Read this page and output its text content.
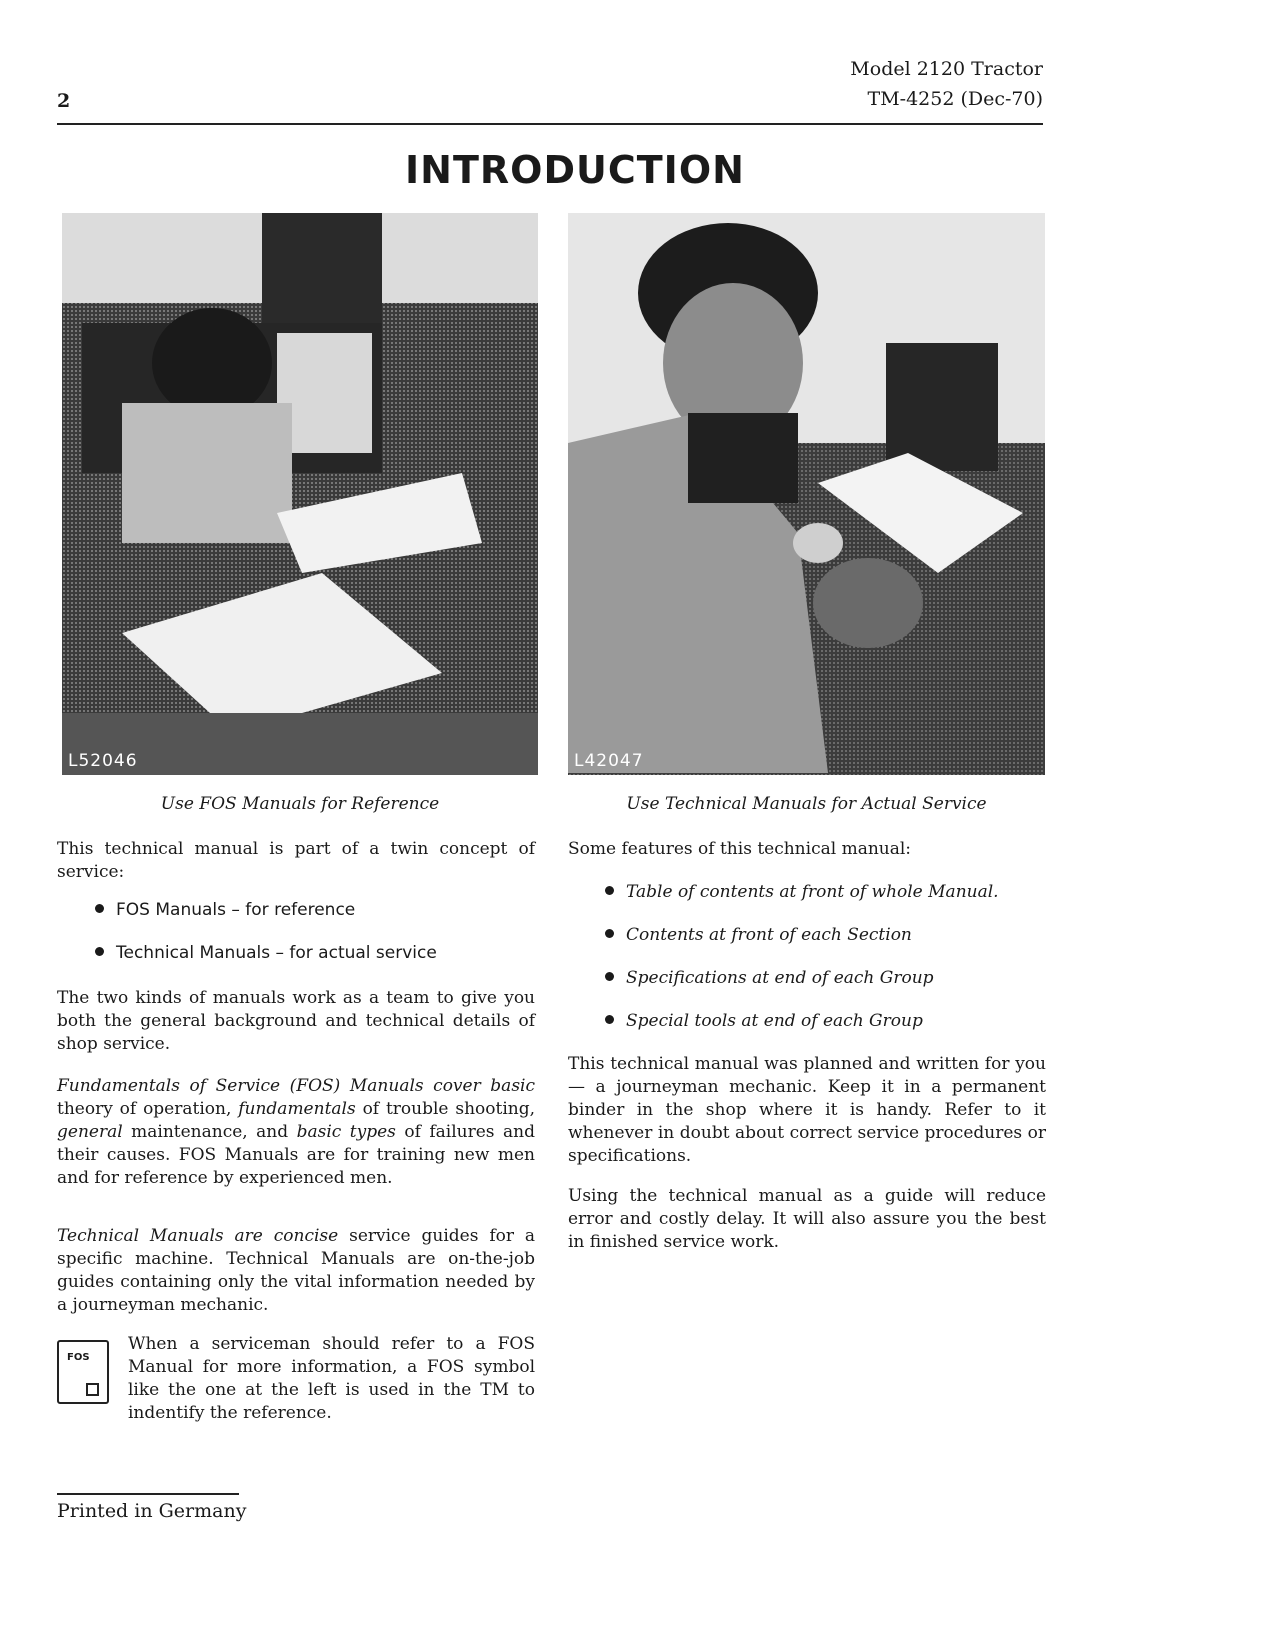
2
Model 2120 Tractor
TM-4252 (Dec-70)
INTRODUCTION
L52046	L42047
Use FOS Manuals for Reference	Use Technical Manuals for Actual Service
This technical manual is part of a twin concept of service:
FOS Manuals – for reference
Technical Manuals – for actual service
The two kinds of manuals work as a team to give you both the general background and technical details of shop service.
Fundamentals of Service (FOS) Manuals cover basic theory of operation, fundamentals of trouble shooting, general maintenance, and basic types of failures and their causes. FOS Manuals are for training new men and for reference by experienced men.
Technical Manuals are concise service guides for a specific machine. Technical Manuals are on-the-job guides containing only the vital information needed by a journeyman mechanic.
FOS
When a serviceman should refer to a FOS Manual for more information, a FOS symbol like the one at the left is used in the TM to indentify the reference.
Some features of this technical manual:
Table of contents at front of whole Manual.
Contents at front of each Section
Specifications at end of each Group
Special tools at end of each Group
This technical manual was planned and written for you — a journeyman mechanic. Keep it in a permanent binder in the shop where it is handy. Refer to it whenever in doubt about correct service procedures or specifications.
Using the technical manual as a guide will reduce error and costly delay. It will also assure you the best in finished service work.
Printed in Germany
